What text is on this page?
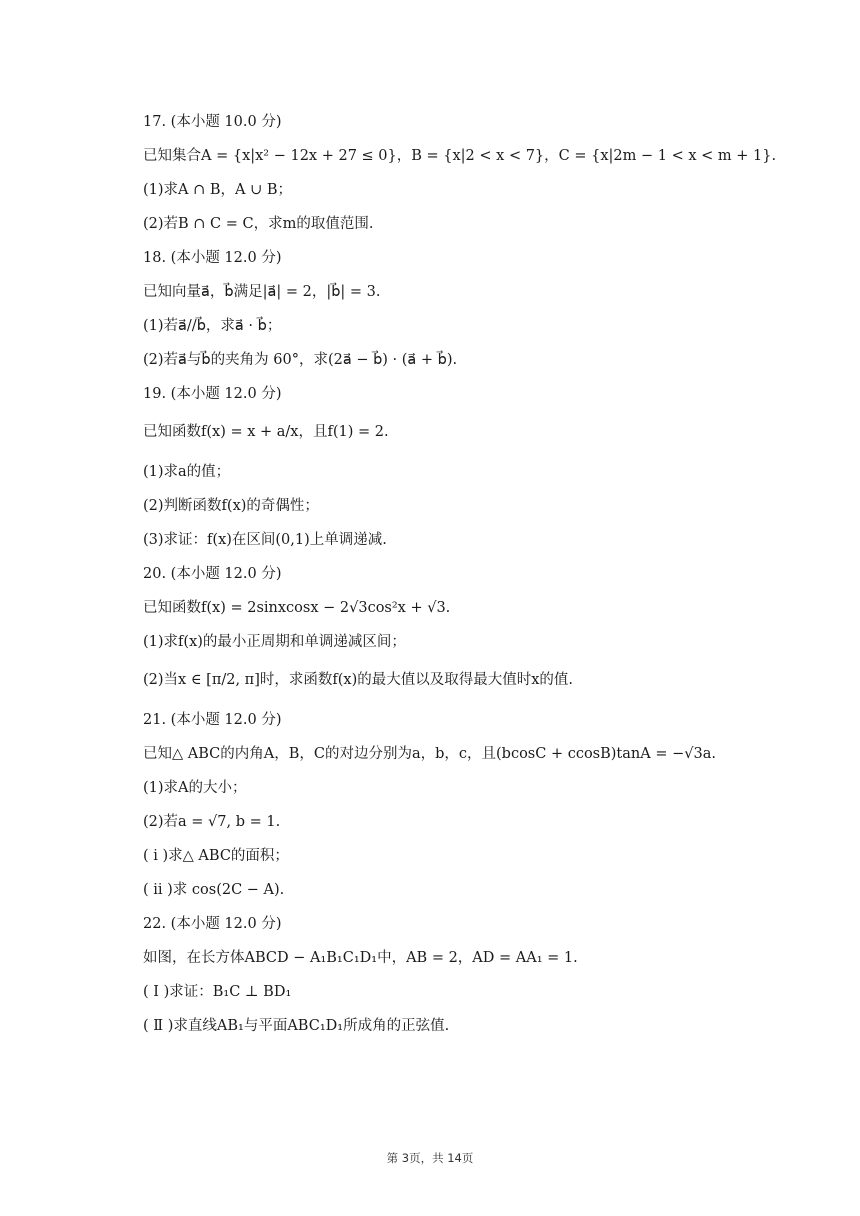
17. (本小题 10.0 分)
已知集合A = {x|x² − 12x + 27 ≤ 0}，B = {x|2 < x < 7}，C = {x|2m − 1 < x < m + 1}.
(1)求A ∩ B，A ∪ B；
(2)若B ∩ C = C，求m的取值范围.
18. (本小题 12.0 分)
已知向量a⃗，b⃗满足|a⃗| = 2，|b⃗| = 3.
(1)若a⃗//b⃗，求a⃗ · b⃗；
(2)若a⃗与b⃗的夹角为 60°，求(2a⃗ − b⃗) · (a⃗ + b⃗).
19. (本小题 12.0 分)
已知函数f(x) = x + a/x，且f(1) = 2.
(1)求a的值；
(2)判断函数f(x)的奇偶性；
(3)求证：f(x)在区间(0,1)上单调递减.
20. (本小题 12.0 分)
已知函数f(x) = 2sinxcosx − 2√3cos²x + √3.
(1)求f(x)的最小正周期和单调递减区间；
(2)当x ∈ [π/2, π]时，求函数f(x)的最大值以及取得最大值时x的值.
21. (本小题 12.0 分)
已知△ ABC的内角A，B，C的对边分别为a，b，c，且(bcosC + ccosB)tanA = −√3a.
(1)求A的大小；
(2)若a = √7, b = 1.
( ⅰ )求△ ABC的面积；
( ⅱ )求 cos(2C − A).
22. (本小题 12.0 分)
如图，在长方体ABCD − A₁B₁C₁D₁中，AB = 2，AD = AA₁ = 1.
( Ⅰ )求证：B₁C ⊥ BD₁
( Ⅱ )求直线AB₁与平面ABC₁D₁所成角的正弦值.
第 3页，共 14页
